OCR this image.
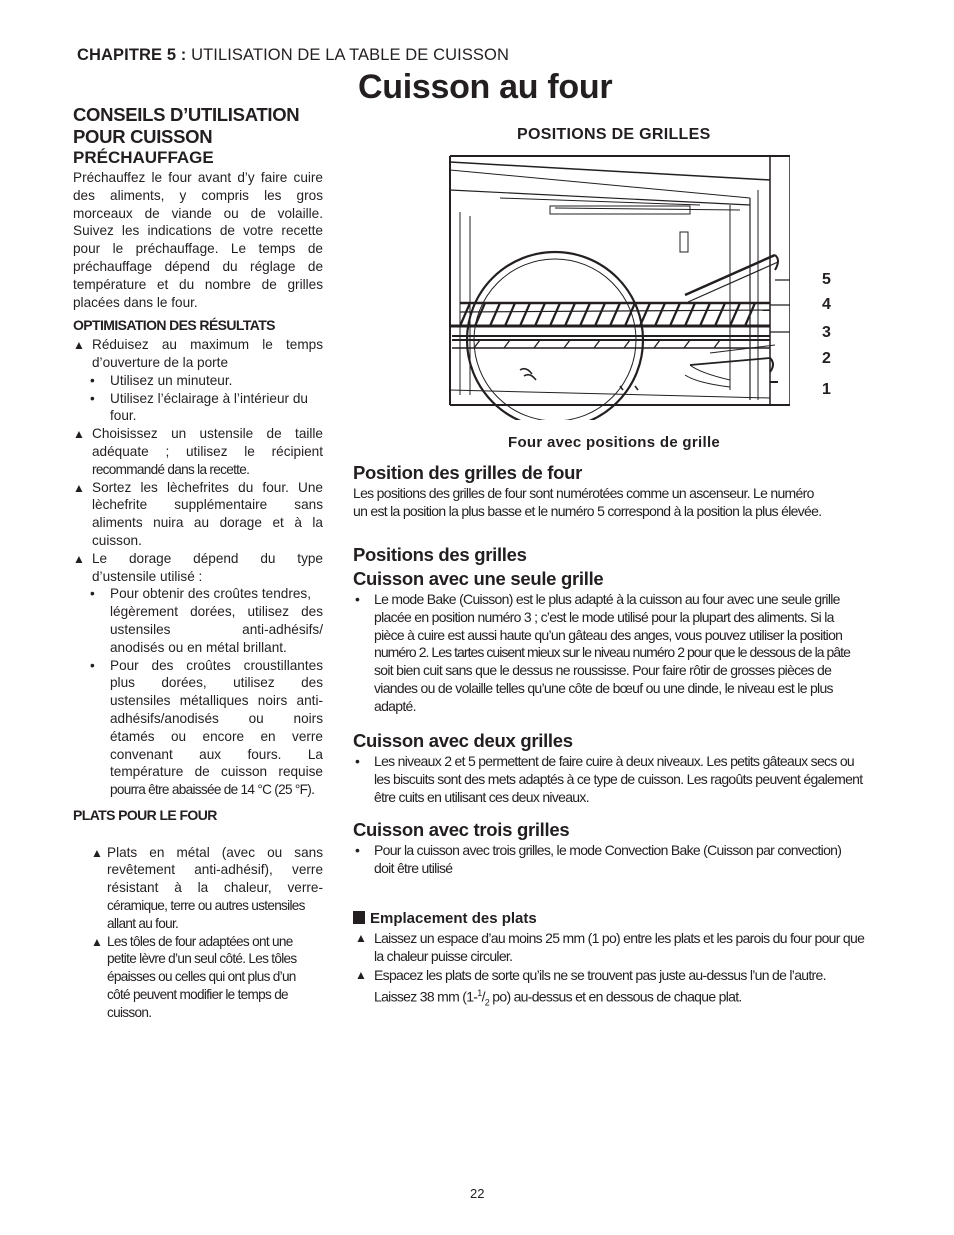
CHAPITRE 5 : UTILISATION DE LA TABLE DE CUISSON
Cuisson au four
CONSEILS D’UTILISATION
POUR CUISSON
PRÉCHAUFFAGE
Préchauffez le four avant d’y faire cuire
des aliments, y compris les gros
morceaux de viande ou de volaille.
Suivez les indications de votre recette
pour le préchauffage. Le temps de
préchauffage dépend du réglage de
température et du nombre de grilles
placées dans le four.
OPTIMISATION DES RÉSULTATS
▲ Réduisez au maximum le temps
d’ouverture de la porte
•	Utilisez un minuteur.
•	Utilisez l’éclairage à l’intérieur du four.
▲ Choisissez un ustensile de taille
adéquate ; utilisez le récipient
recommandé dans la recette.
▲ Sortez les lèchefrites du four. Une
lèchefrite supplémentaire sans
aliments nuira au dorage et à la
cuisson.
▲ Le dorage dépend du type
d’ustensile utilisé :
•	Pour obtenir des croûtes tendres,
légèrement dorées, utilisez des
ustensiles anti-adhésifs/
anodisés ou en métal brillant.
•	Pour des croûtes croustillantes
plus dorées, utilisez des
ustensiles métalliques noirs anti-
adhésifs/anodisés ou noirs
étamés ou encore en verre
convenant aux fours. La
température de cuisson requise
pourra être abaissée de 14 °C (25 °F).
PLATS POUR LE FOUR
▲ Plats en métal (avec ou sans
revêtement anti-adhésif), verre
résistant à la chaleur, verre-
céramique, terre ou autres ustensiles
allant au four.
▲ Les tôles de four adaptées ont une
petite lèvre d’un seul côté. Les tôles
épaisses ou celles qui ont plus d’un
côté peuvent modifier le temps de
cuisson.
POSITIONS DE GRILLES
5
4
3
2
1
Four avec positions de grille
Position des grilles de four
Les positions des grilles de four sont numérotées comme un ascenseur. Le numéro
un est la position la plus basse et le numéro 5 correspond à la position la plus élevée.
Positions des grilles
Cuisson avec une seule grille
•	Le mode Bake (Cuisson) est le plus adapté à la cuisson au four avec une seule grille
placée en position numéro 3 ; c’est le mode utilisé pour la plupart des aliments. Si la
pièce à cuire est aussi haute qu’un gâteau des anges, vous pouvez utiliser la position
numéro 2. Les tartes cuisent mieux sur le niveau numéro 2 pour que le dessous de la pâte
soit bien cuit sans que le dessus ne roussisse. Pour faire rôtir de grosses pièces de
viandes ou de volaille telles qu’une côte de bœuf ou une dinde, le niveau est le plus
adapté.
Cuisson avec deux grilles
•	Les niveaux 2 et 5 permettent de faire cuire à deux niveaux. Les petits gâteaux secs ou
les biscuits sont des mets adaptés à ce type de cuisson. Les ragoûts peuvent également
être cuits en utilisant ces deux niveaux.
Cuisson avec trois grilles
•	Pour la cuisson avec trois grilles, le mode Convection Bake (Cuisson par convection)
doit être utilisé
Emplacement des plats
▲ Laissez un espace d’au moins 25 mm (1 po) entre les plats et les parois du four pour que
la chaleur puisse circuler.
▲ Espacez les plats de sorte qu’ils ne se trouvent pas juste au-dessus l’un de l’autre.
Laissez 38 mm ($1-^1/_2$ po) au-dessus et en dessous de chaque plat.
22
